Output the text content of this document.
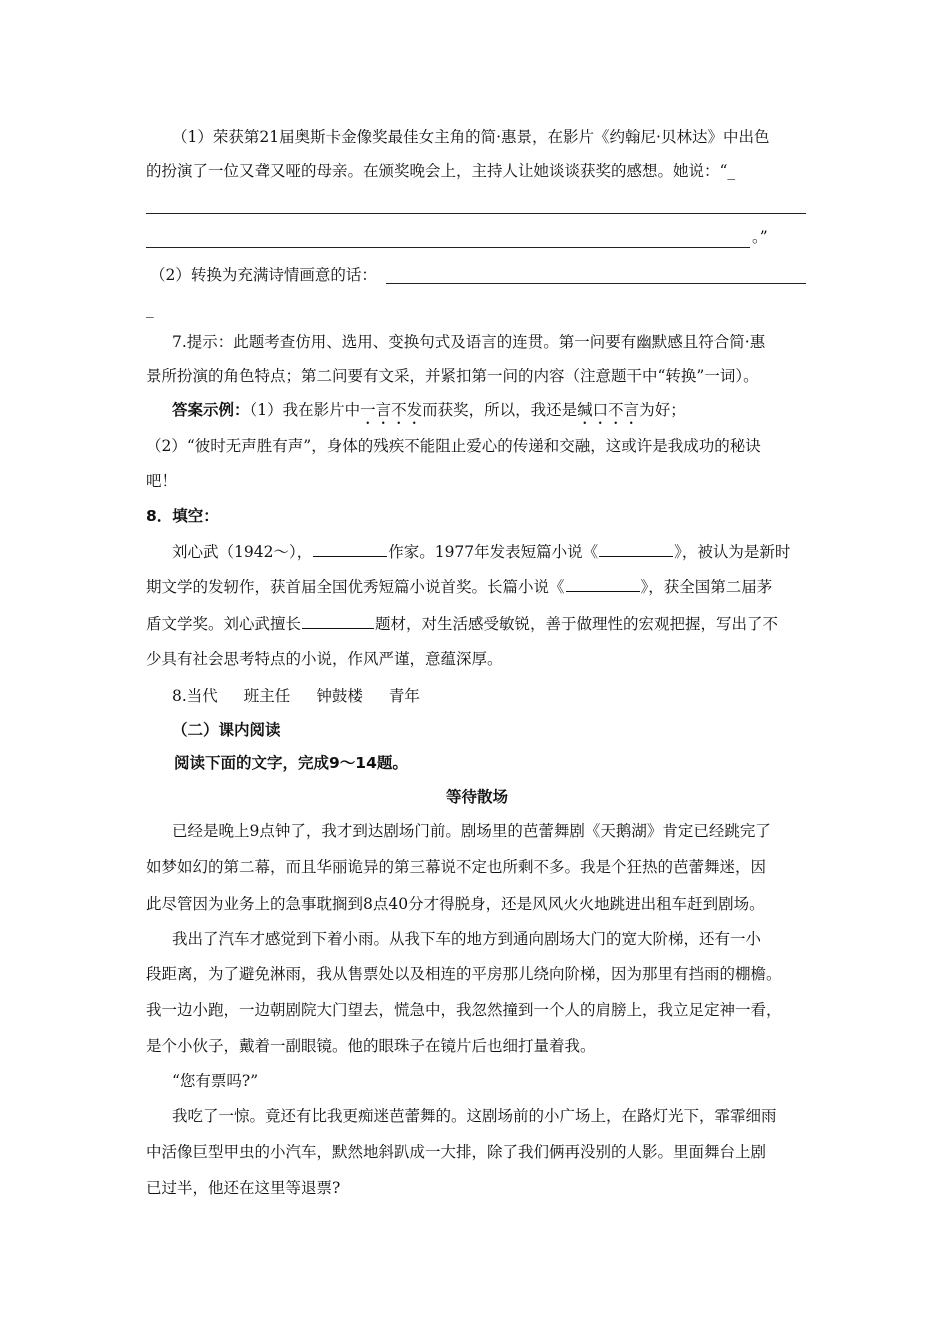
（1）荣获第21届奥斯卡金像奖最佳女主角的简·惠景，在影片《约翰尼·贝林达》中出色
的扮演了一位又聋又哑的母亲。在颁奖晚会上，主持人让她谈谈获奖的感想。她说：“_
。”
（2）转换为充满诗情画意的话：
_
7.提示：此题考查仿用、选用、变换句式及语言的连贯。第一问要有幽默感且符合简·惠
景所扮演的角色特点；第二问要有文采，并紧扣第一问的内容（注意题干中“转换”一词）。
答案示例：（1）我在影片中一言不发而获奖，所以，我还是缄口不言为好；
（2）“彼时无声胜有声”，身体的残疾不能阻止爱心的传递和交融，这或许是我成功的秘诀
吧！
8．填空：
刘心武（1942～），	作家。1977年发表短篇小说《	》，被认为是新时
期文学的发轫作，获首届全国优秀短篇小说首奖。长篇小说《	》，获全国第二届茅
盾文学奖。刘心武擅长	题材，对生活感受敏锐，善于做理性的宏观把握，写出了不
少具有社会思考特点的小说，作风严谨，意蕴深厚。
8.当代 班主任 钟鼓楼 青年
（二）课内阅读
阅读下面的文字，完成9～14题。
等待散场
已经是晚上9点钟了，我才到达剧场门前。剧场里的芭蕾舞剧《天鹅湖》肯定已经跳完了
如梦如幻的第二幕，而且华丽诡异的第三幕说不定也所剩不多。我是个狂热的芭蕾舞迷，因
此尽管因为业务上的急事耽搁到8点40分才得脱身，还是风风火火地跳进出租车赶到剧场。
我出了汽车才感觉到下着小雨。从我下车的地方到通向剧场大门的宽大阶梯，还有一小
段距离，为了避免淋雨，我从售票处以及相连的平房那儿绕向阶梯，因为那里有挡雨的棚檐。
我一边小跑，一边朝剧院大门望去，慌急中，我忽然撞到一个人的肩膀上，我立足定神一看，
是个小伙子，戴着一副眼镜。他的眼珠子在镜片后也细打量着我。
“您有票吗?”
我吃了一惊。竟还有比我更痴迷芭蕾舞的。这剧场前的小广场上，在路灯光下，霏霏细雨
中活像巨型甲虫的小汽车，默然地斜趴成一大排，除了我们俩再没别的人影。里面舞台上剧
已过半，他还在这里等退票?
